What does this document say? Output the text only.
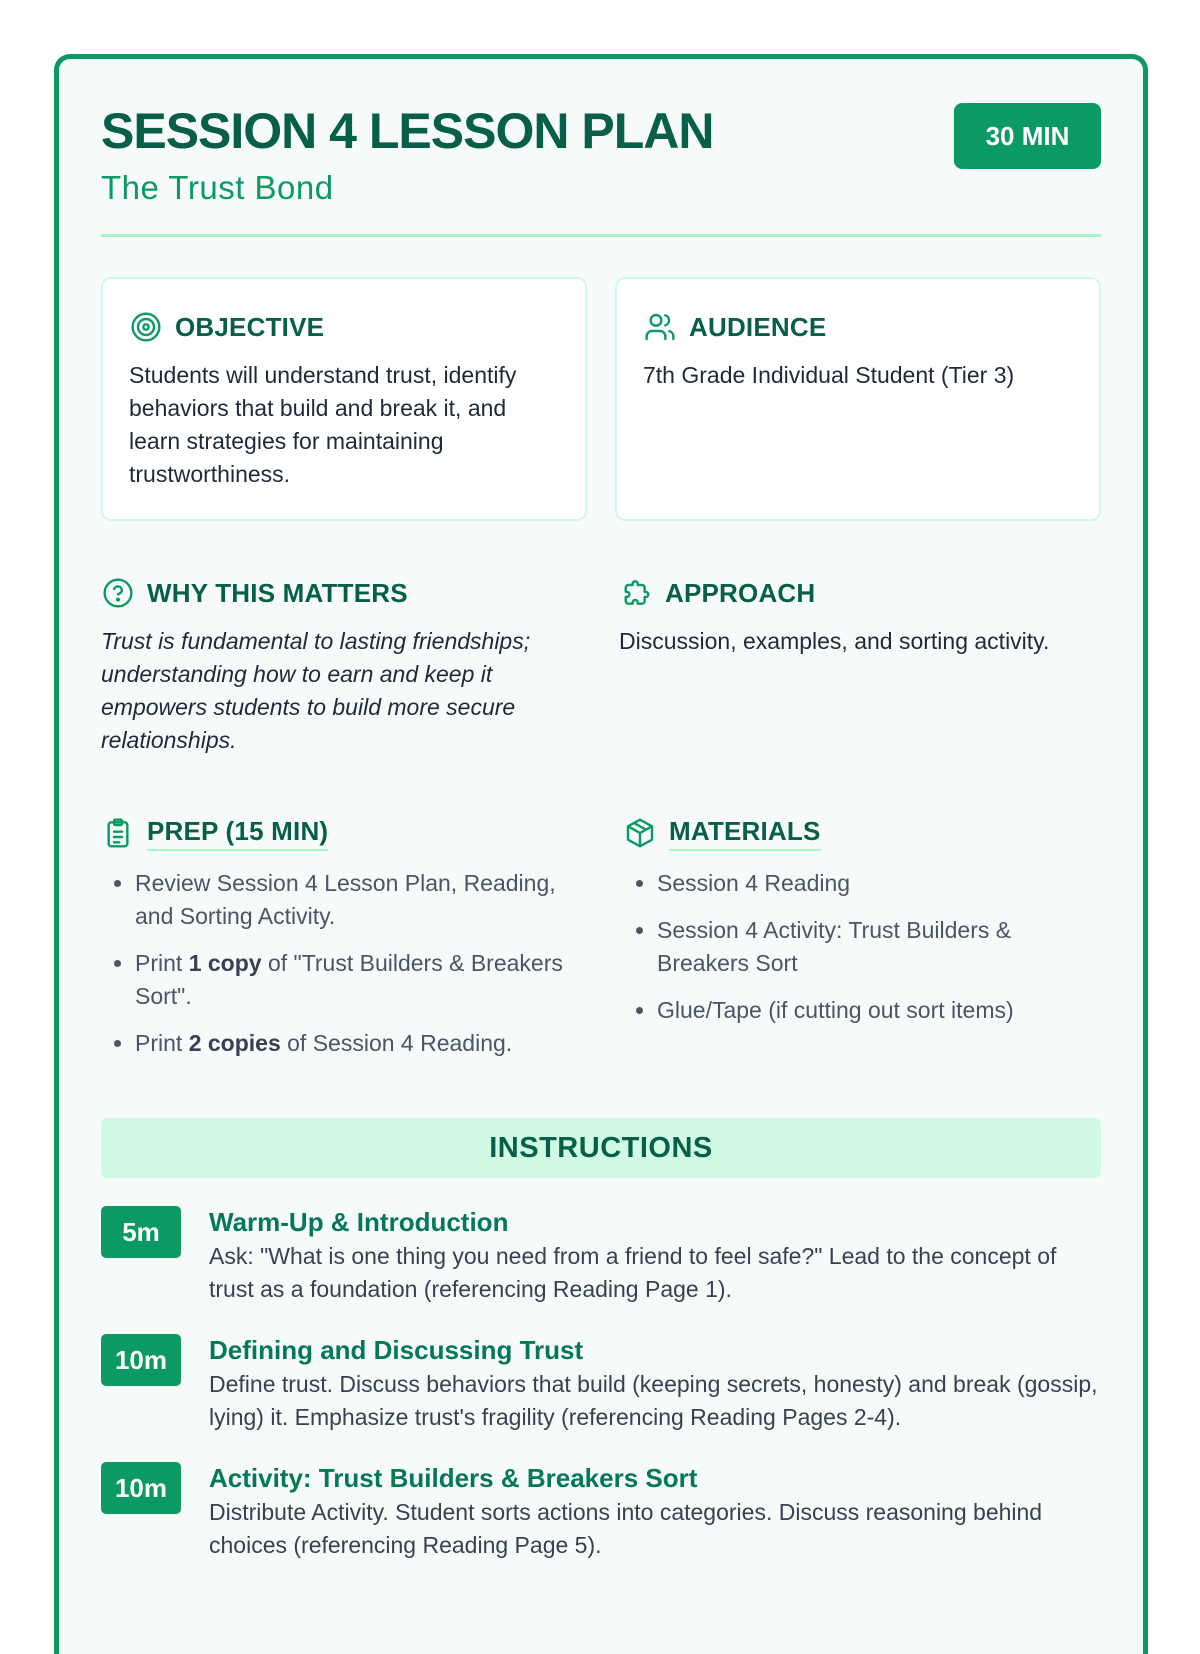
SESSION 4 LESSON PLAN
The Trust Bond
30 MIN
OBJECTIVE
Students will understand trust, identify behaviors that build and break it, and learn strategies for maintaining trustworthiness.
AUDIENCE
7th Grade Individual Student (Tier 3)
WHY THIS MATTERS
Trust is fundamental to lasting friendships; understanding how to earn and keep it empowers students to build more secure relationships.
APPROACH
Discussion, examples, and sorting activity.
PREP (15 MIN)
• Review Session 4 Lesson Plan, Reading, and Sorting Activity.
• Print 1 copy of "Trust Builders & Breakers Sort".
• Print 2 copies of Session 4 Reading.
MATERIALS
• Session 4 Reading
• Session 4 Activity: Trust Builders & Breakers Sort
• Glue/Tape (if cutting out sort items)
INSTRUCTIONS
5m	Warm-Up & Introduction
Ask: "What is one thing you need from a friend to feel safe?" Lead to the concept of trust as a foundation (referencing Reading Page 1).
10m	Defining and Discussing Trust
Define trust. Discuss behaviors that build (keeping secrets, honesty) and break (gossip, lying) it. Emphasize trust's fragility (referencing Reading Pages 2-4).
10m	Activity: Trust Builders & Breakers Sort
Distribute Activity. Student sorts actions into categories. Discuss reasoning behind choices (referencing Reading Page 5).
